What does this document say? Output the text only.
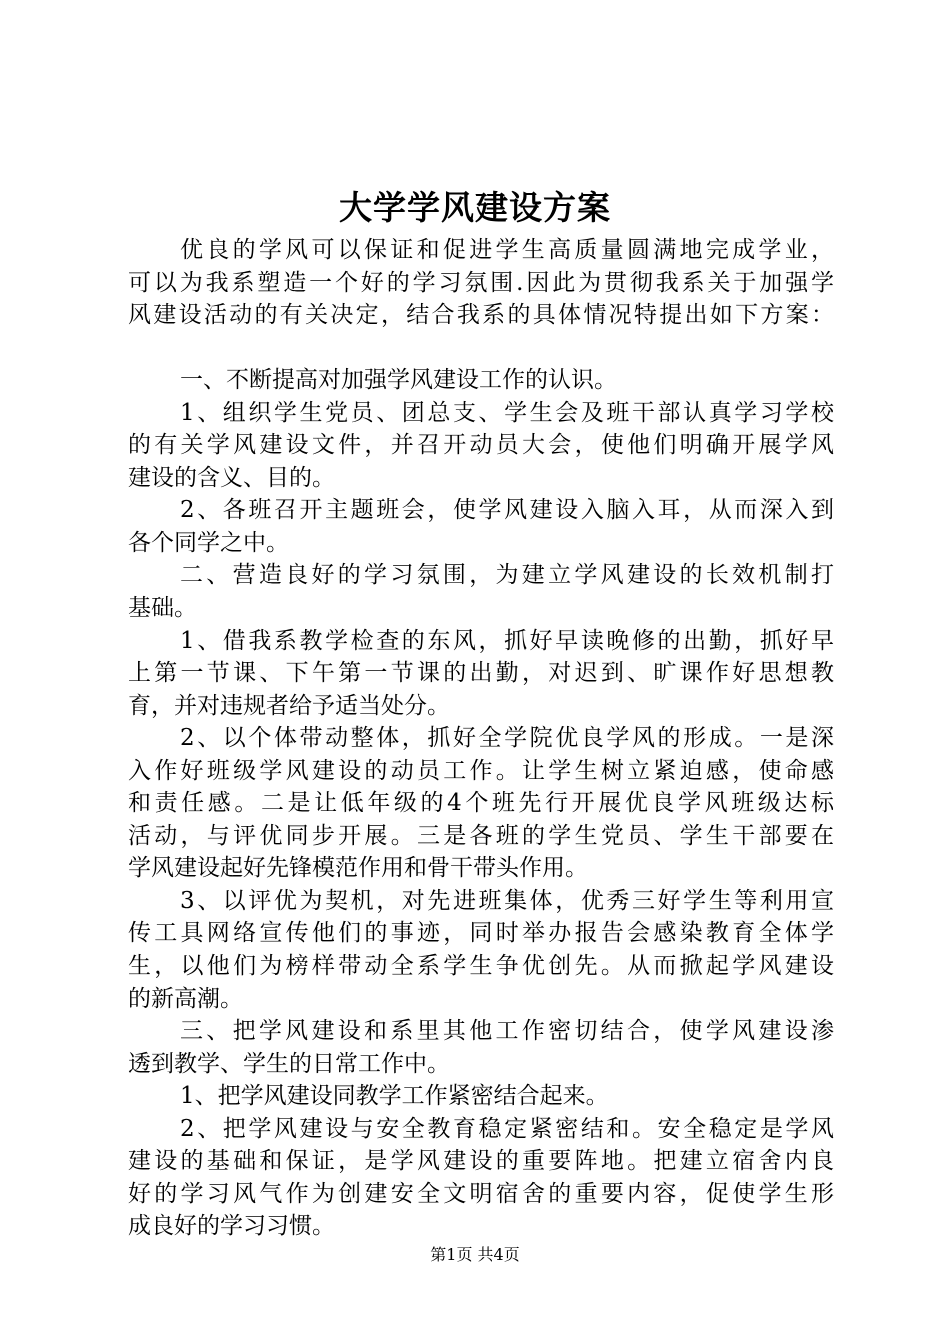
大学学风建设方案
优良的学风可以保证和促进学生高质量圆满地完成学业，
可以为我系塑造一个好的学习氛围.因此为贯彻我系关于加强学
风建设活动的有关决定，结合我系的具体情况特提出如下方案：
一、不断提高对加强学风建设工作的认识。
1、组织学生党员、团总支、学生会及班干部认真学习学校
的有关学风建设文件，并召开动员大会，使他们明确开展学风
建设的含义、目的。
2、各班召开主题班会，使学风建设入脑入耳，从而深入到
各个同学之中。
二、营造良好的学习氛围，为建立学风建设的长效机制打
基础。
1、借我系教学检查的东风，抓好早读晚修的出勤，抓好早
上第一节课、下午第一节课的出勤，对迟到、旷课作好思想教
育，并对违规者给予适当处分。
2、以个体带动整体，抓好全学院优良学风的形成。一是深
入作好班级学风建设的动员工作。让学生树立紧迫感，使命感
和责任感。二是让低年级的4个班先行开展优良学风班级达标
活动，与评优同步开展。三是各班的学生党员、学生干部要在
学风建设起好先锋模范作用和骨干带头作用。
3、以评优为契机，对先进班集体，优秀三好学生等利用宣
传工具网络宣传他们的事迹，同时举办报告会感染教育全体学
生，以他们为榜样带动全系学生争优创先。从而掀起学风建设
的新高潮。
三、把学风建设和系里其他工作密切结合，使学风建设渗
透到教学、学生的日常工作中。
1、把学风建设同教学工作紧密结合起来。
2、把学风建设与安全教育稳定紧密结和。安全稳定是学风
建设的基础和保证，是学风建设的重要阵地。把建立宿舍内良
好的学习风气作为创建安全文明宿舍的重要内容，促使学生形
成良好的学习习惯。
第1页 共4页
